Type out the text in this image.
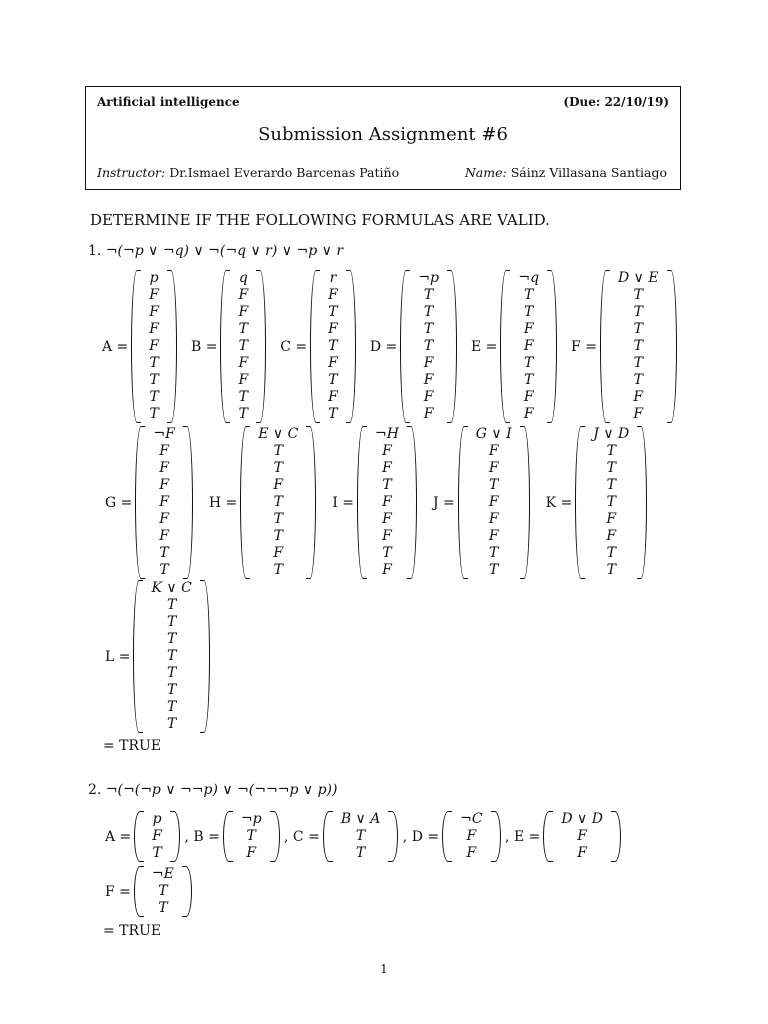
Artificial intelligence	(Due: 22/10/19)
Submission Assignment #6
Instructor: Dr.Ismael Everardo Barcenas Patiño	Name: Sáinz Villasana Santiago
DETERMINE IF THE FOLLOWING FORMULAS ARE VALID.
1. ¬(¬p ∨ ¬q) ∨ ¬(¬q ∨ r) ∨ ¬p ∨ r
A =
p
F
F
F
F
T
T
T
T
B =
q
F
F
T
T
F
F
T
T
C =
r
F
T
F
T
F
T
F
T
D =
¬p
T
T
T
T
F
F
F
F
E =
¬q
T
T
F
F
T
T
F
F
F =
D ∨ E
T
T
T
T
T
T
F
F
G =
¬F
F
F
F
F
F
F
T
T
H =
E ∨ C
T
T
F
T
T
T
F
T
I =
¬H
F
F
T
F
F
F
T
F
J =
G ∨ I
F
F
T
F
F
F
T
T
K =
J ∨ D
T
T
T
T
F
F
T
T
L =
K ∨ C
T
T
T
T
T
T
T
T
= TRUE
2. ¬(¬(¬p ∨ ¬¬p) ∨ ¬(¬¬¬p ∨ p))
A =
p
F
T
, B =
¬p
T
F
, C =
B ∨ A
T
T
, D =
¬C
F
F
, E =
D ∨ D
F
F
F =
¬E
T
T
= TRUE
1
